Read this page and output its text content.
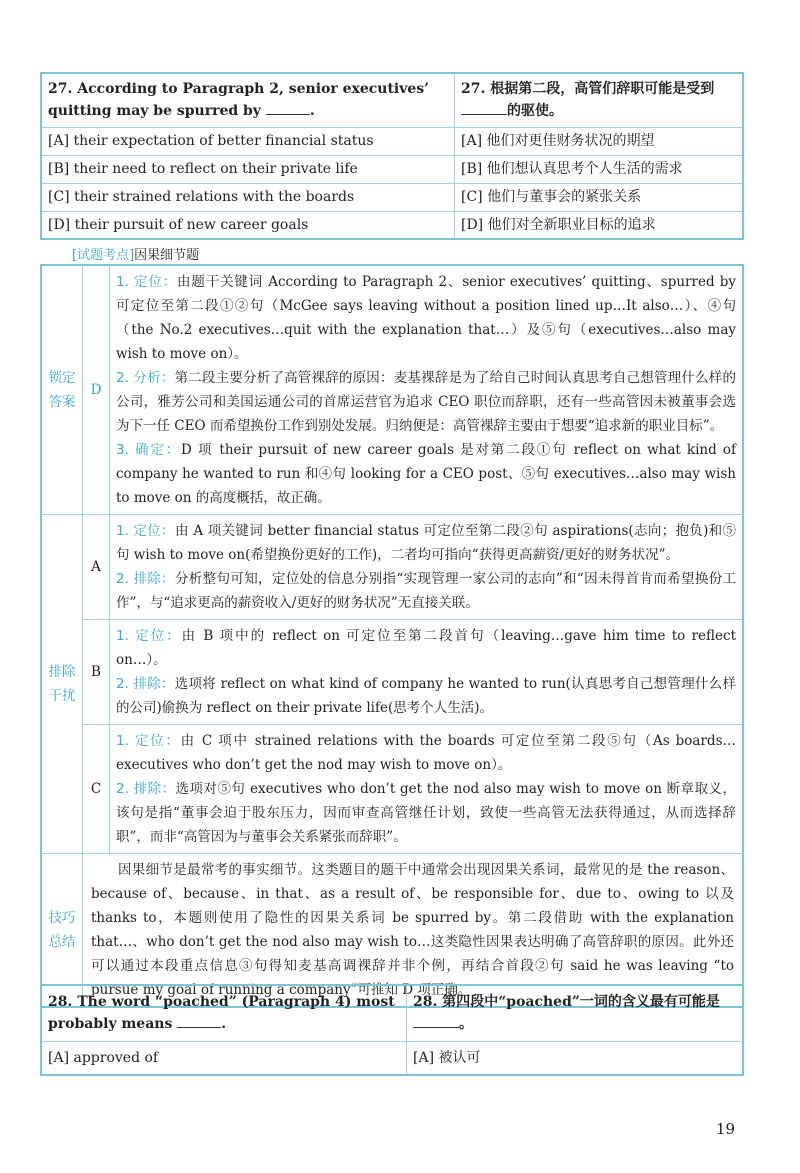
27. According to Paragraph 2, senior executives’ quitting may be spurred by .	27. 根据第二段，高管们辞职可能是受到
的驱使。
[A] their expectation of better financial status	[A] 他们对更佳财务状况的期望
[B] their need to reflect on their private life	[B] 他们想认真思考个人生活的需求
[C] their strained relations with the boards	[C] 他们与董事会的紧张关系
[D] their pursuit of new career goals	[D] 他们对全新职业目标的追求
[试题考点]因果细节题
锁定答案	D	1. 定位：由题干关键词 According to Paragraph 2、senior executives’ quitting、spurred by 可定位至第二段①②句（McGee says leaving without a position lined up…It also…）、④句（the No.2 executives…quit with the explanation that…）及⑤句（executives…also may wish to move on）。
2. 分析：第二段主要分析了高管裸辞的原因：麦基裸辞是为了给自己时间认真思考自己想管理什么样的公司，雅芳公司和美国运通公司的首席运营官为追求 CEO 职位而辞职，还有一些高管因未被董事会选为下一任 CEO 而希望换份工作到别处发展。归纳便是：高管裸辞主要由于想要“追求新的职业目标”。
3. 确定：D 项 their pursuit of new career goals 是对第二段①句 reflect on what kind of company he wanted to run 和④句 looking for a CEO post、⑤句 executives…also may wish to move on 的高度概括，故正确。

排除干扰	A	1. 定位：由 A 项关键词 better financial status 可定位至第二段②句 aspirations(志向；抱负)和⑤句 wish to move on(希望换份更好的工作)，二者均可指向“获得更高薪资/更好的财务状况”。
2. 排除：分析整句可知，定位处的信息分别指“实现管理一家公司的志向”和“因未得首肯而希望换份工作”，与“追求更高的薪资收入/更好的财务状况”无直接关联。

	B	1. 定位：由 B 项中的 reflect on 可定位至第二段首句（leaving…gave him time to reflect on…）。
2. 排除：选项将 reflect on what kind of company he wanted to run(认真思考自己想管理什么样的公司)偷换为 reflect on their private life(思考个人生活)。

	C	1. 定位：由 C 项中 strained relations with the boards 可定位至第二段⑤句（As boards…executives who don’t get the nod may wish to move on）。
2. 排除：选项对⑤句 executives who don’t get the nod also may wish to move on 断章取义，该句是指“董事会迫于股东压力，因而审查高管继任计划，致使一些高管无法获得通过，从而选择辞职”，而非“高管因为与董事会关系紧张而辞职”。

技巧总结	因果细节是最常考的事实细节。这类题目的题干中通常会出现因果关系词，最常见的是 the reason、because of、because、in that、as a result of、be responsible for、due to、owing to 以及 thanks to，本题则使用了隐性的因果关系词 be spurred by。第二段借助 with the explanation that…、who don’t get the nod also may wish to…这类隐性因果表达明确了高管辞职的原因。此外还可以通过本段重点信息③句得知麦基高调裸辞并非个例，再结合首段②句 said he was leaving “to pursue my goal of running a company”可推知 D 项正确。	
28. The word “poached” (Paragraph 4) most probably means .	28. 第四段中“poached”一词的含义最有可能是
。
[A] approved of	[A] 被认可
19
